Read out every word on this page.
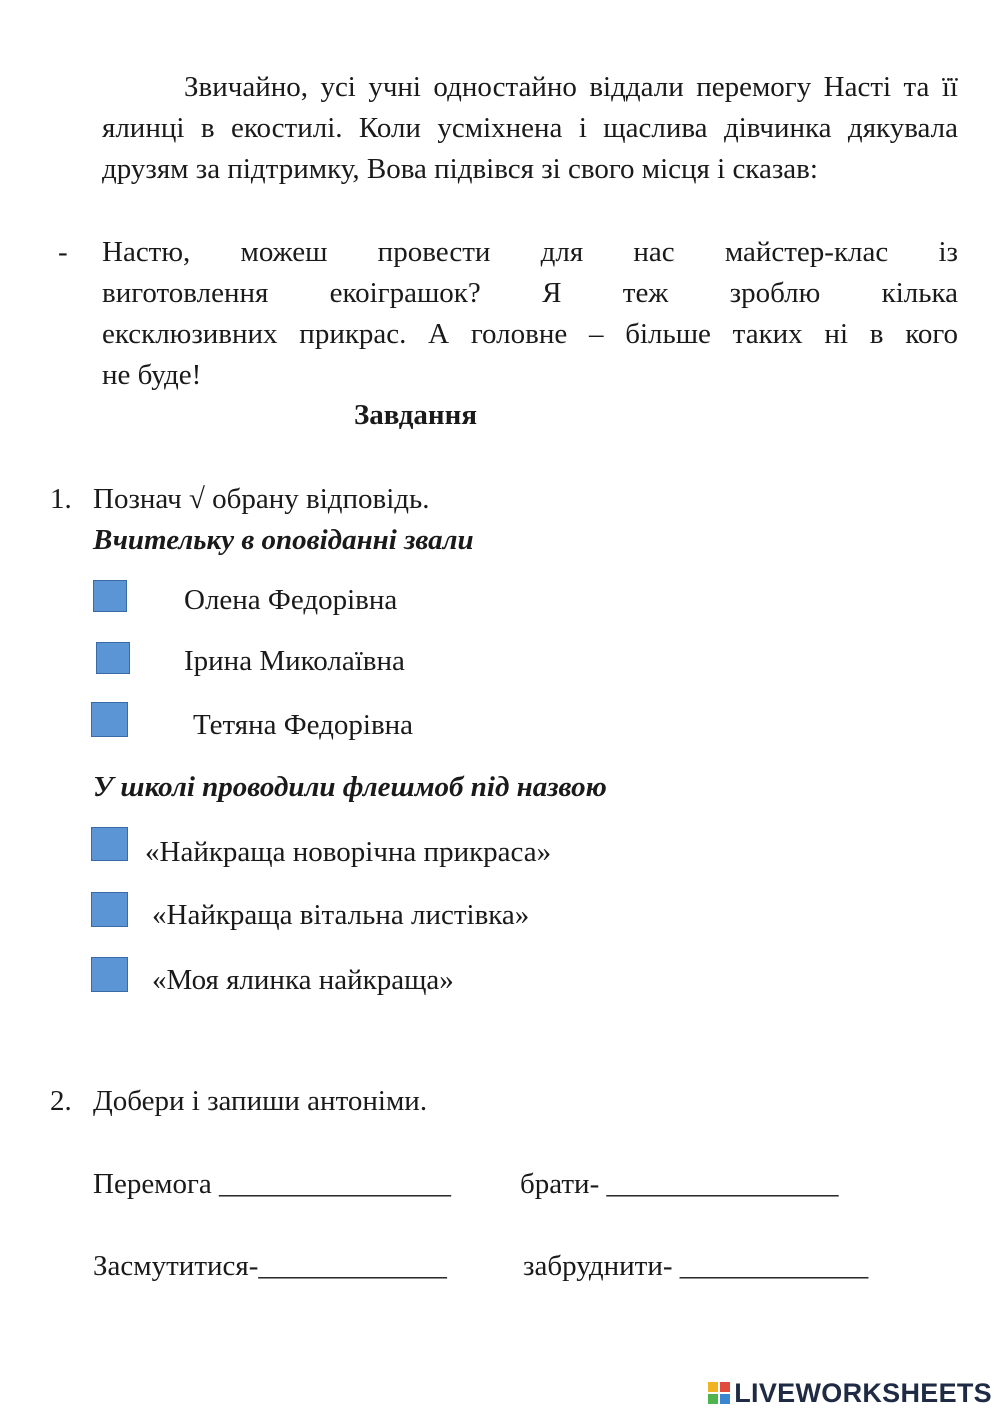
Звичайно, усі учні одностайно віддали перемогу Насті та її ялинці в екостилі. Коли усміхнена і щаслива дівчинка дякувала друзям за підтримку, Вова підвівся зі свого місця і сказав:
- Настю, можеш провести для нас майстер-клас із
виготовлення екоіграшок? Я теж зроблю кілька
ексклюзивних прикрас. А головне – більше таких ні в кого
не буде!
Завдання
1. Познач √ обрану відповідь.
Вчительку в оповіданні звали
Олена Федорівна
Ірина Миколаївна
Тетяна Федорівна
У школі проводили флешмоб під назвою
«Найкраща новорічна прикраса»
«Найкраща вітальна листівка»
«Моя ялинка найкраща»
2. Добери і запиши антоніми.
Перемога ________________ брати- ________________
Засмутитися-_____________	забруднити- _____________
LIVEWORKSHEETS
